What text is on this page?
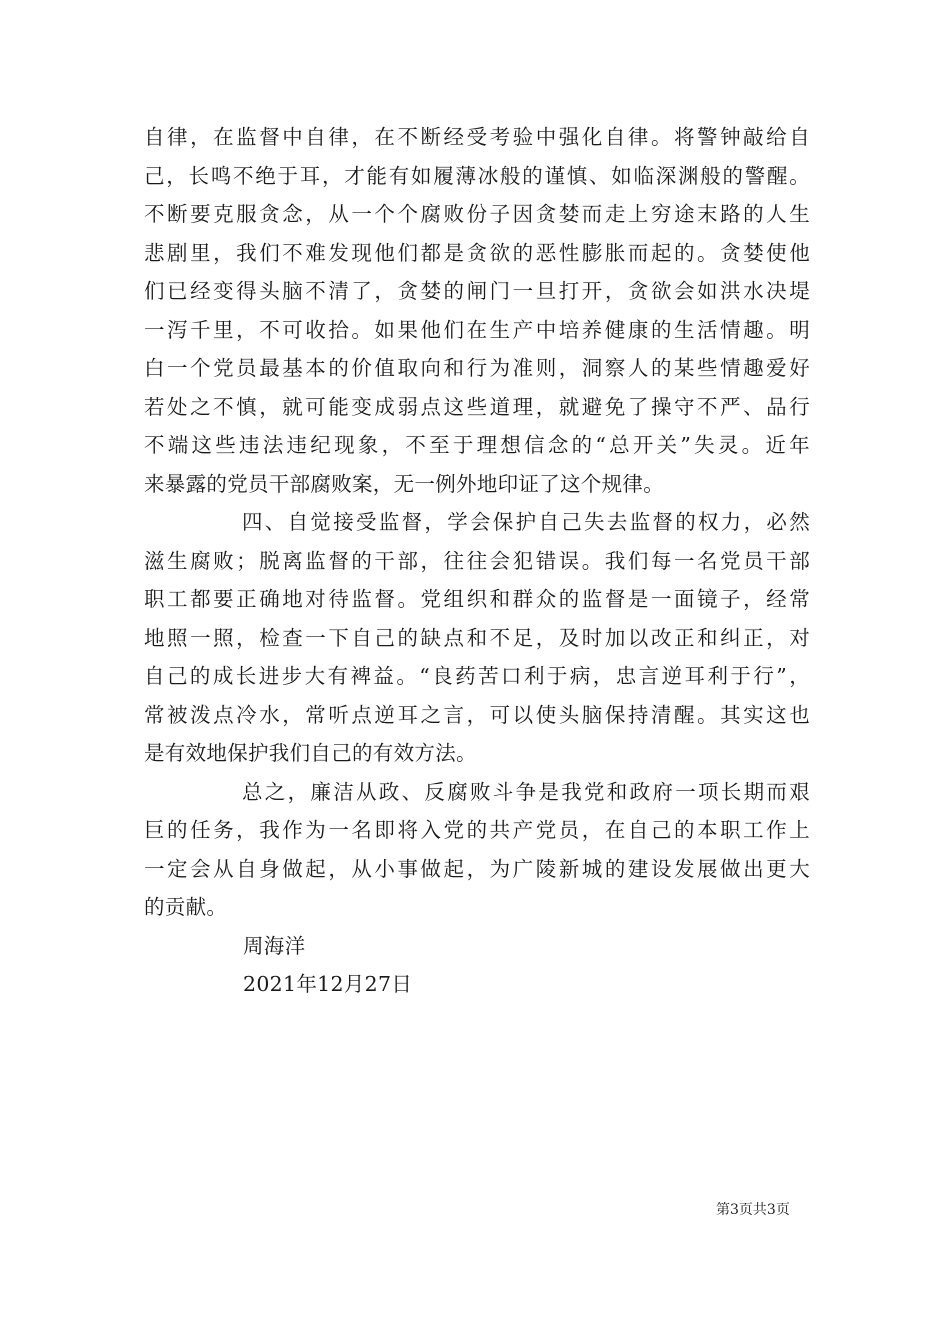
自律，在监督中自律，在不断经受考验中强化自律。将警钟敲给自
己，长鸣不绝于耳，才能有如履薄冰般的谨慎、如临深渊般的警醒。
不断要克服贪念，从一个个腐败份子因贪婪而走上穷途末路的人生
悲剧里，我们不难发现他们都是贪欲的恶性膨胀而起的。贪婪使他
们已经变得头脑不清了，贪婪的闸门一旦打开，贪欲会如洪水决堤
一泻千里，不可收拾。如果他们在生产中培养健康的生活情趣。明
白一个党员最基本的价值取向和行为准则，洞察人的某些情趣爱好
若处之不慎，就可能变成弱点这些道理，就避免了操守不严、品行
不端这些违法违纪现象，不至于理想信念的“总开关”失灵。近年
来暴露的党员干部腐败案，无一例外地印证了这个规律。
四、自觉接受监督，学会保护自己失去监督的权力，必然
滋生腐败；脱离监督的干部，往往会犯错误。我们每一名党员干部
职工都要正确地对待监督。党组织和群众的监督是一面镜子，经常
地照一照，检查一下自己的缺点和不足，及时加以改正和纠正，对
自己的成长进步大有裨益。“良药苦口利于病，忠言逆耳利于行”，
常被泼点冷水，常听点逆耳之言，可以使头脑保持清醒。其实这也
是有效地保护我们自己的有效方法。
总之，廉洁从政、反腐败斗争是我党和政府一项长期而艰
巨的任务，我作为一名即将入党的共产党员，在自己的本职工作上
一定会从自身做起，从小事做起，为广陵新城的建设发展做出更大
的贡献。
周海洋
2021年12月27日
第3页共3页
